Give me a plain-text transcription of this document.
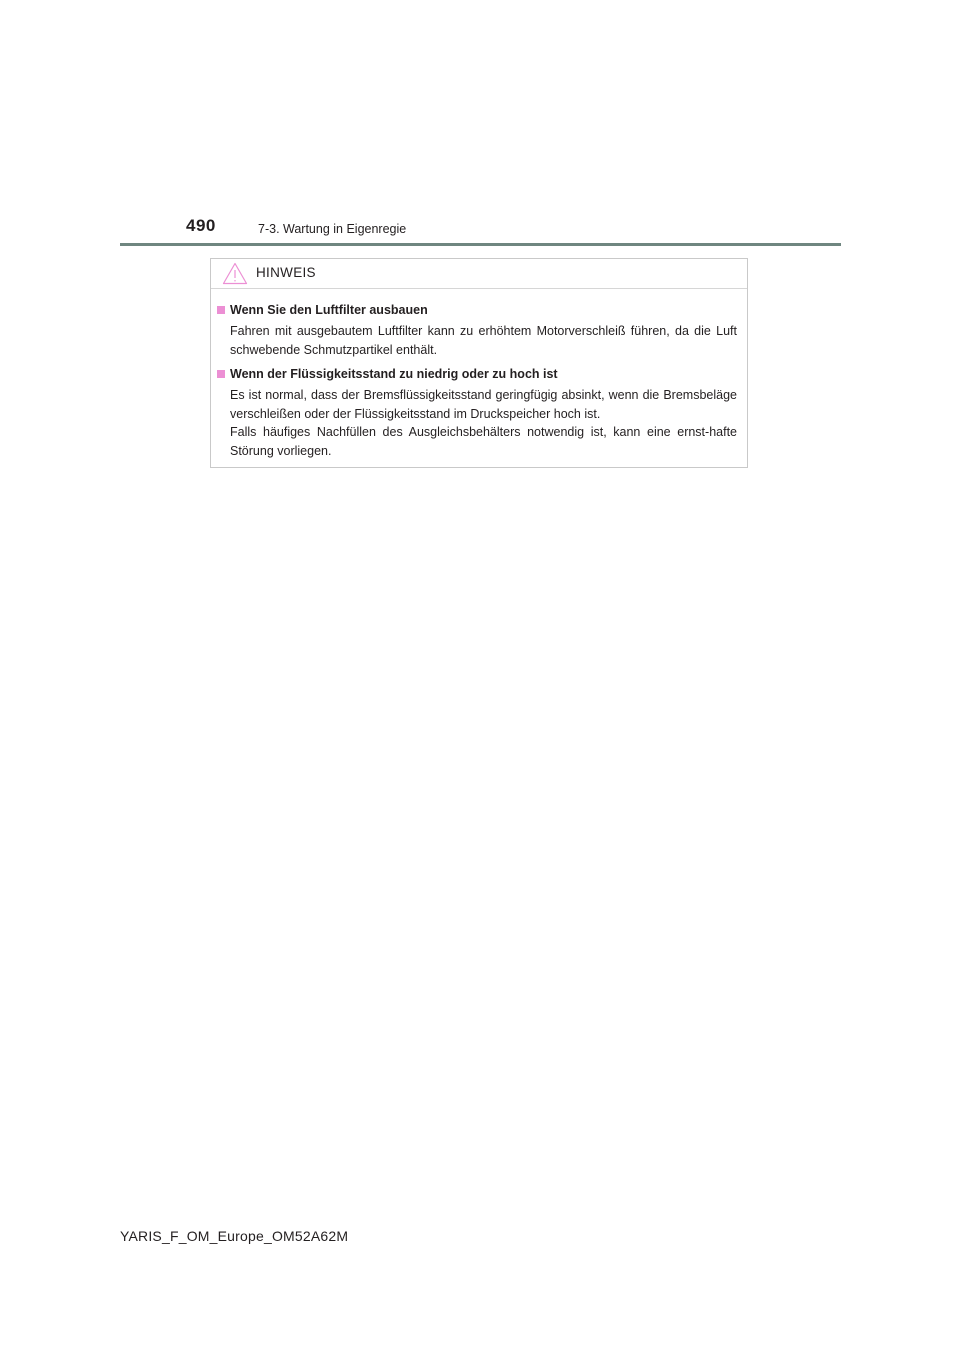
490	7-3. Wartung in Eigenregie
HINWEIS
Wenn Sie den Luftfilter ausbauen

Fahren mit ausgebautem Luftfilter kann zu erhöhtem Motorverschleiß führen, da die Luft schwebende Schmutzpartikel enthält.

Wenn der Flüssigkeitsstand zu niedrig oder zu hoch ist

Es ist normal, dass der Bremsflüssigkeitsstand geringfügig absinkt, wenn die Bremsbeläge verschleißen oder der Flüssigkeitsstand im Druckspeicher hoch ist.

Falls häufiges Nachfüllen des Ausgleichsbehälters notwendig ist, kann eine ernst-hafte Störung vorliegen.

YARIS_F_OM_Europe_OM52A62M
